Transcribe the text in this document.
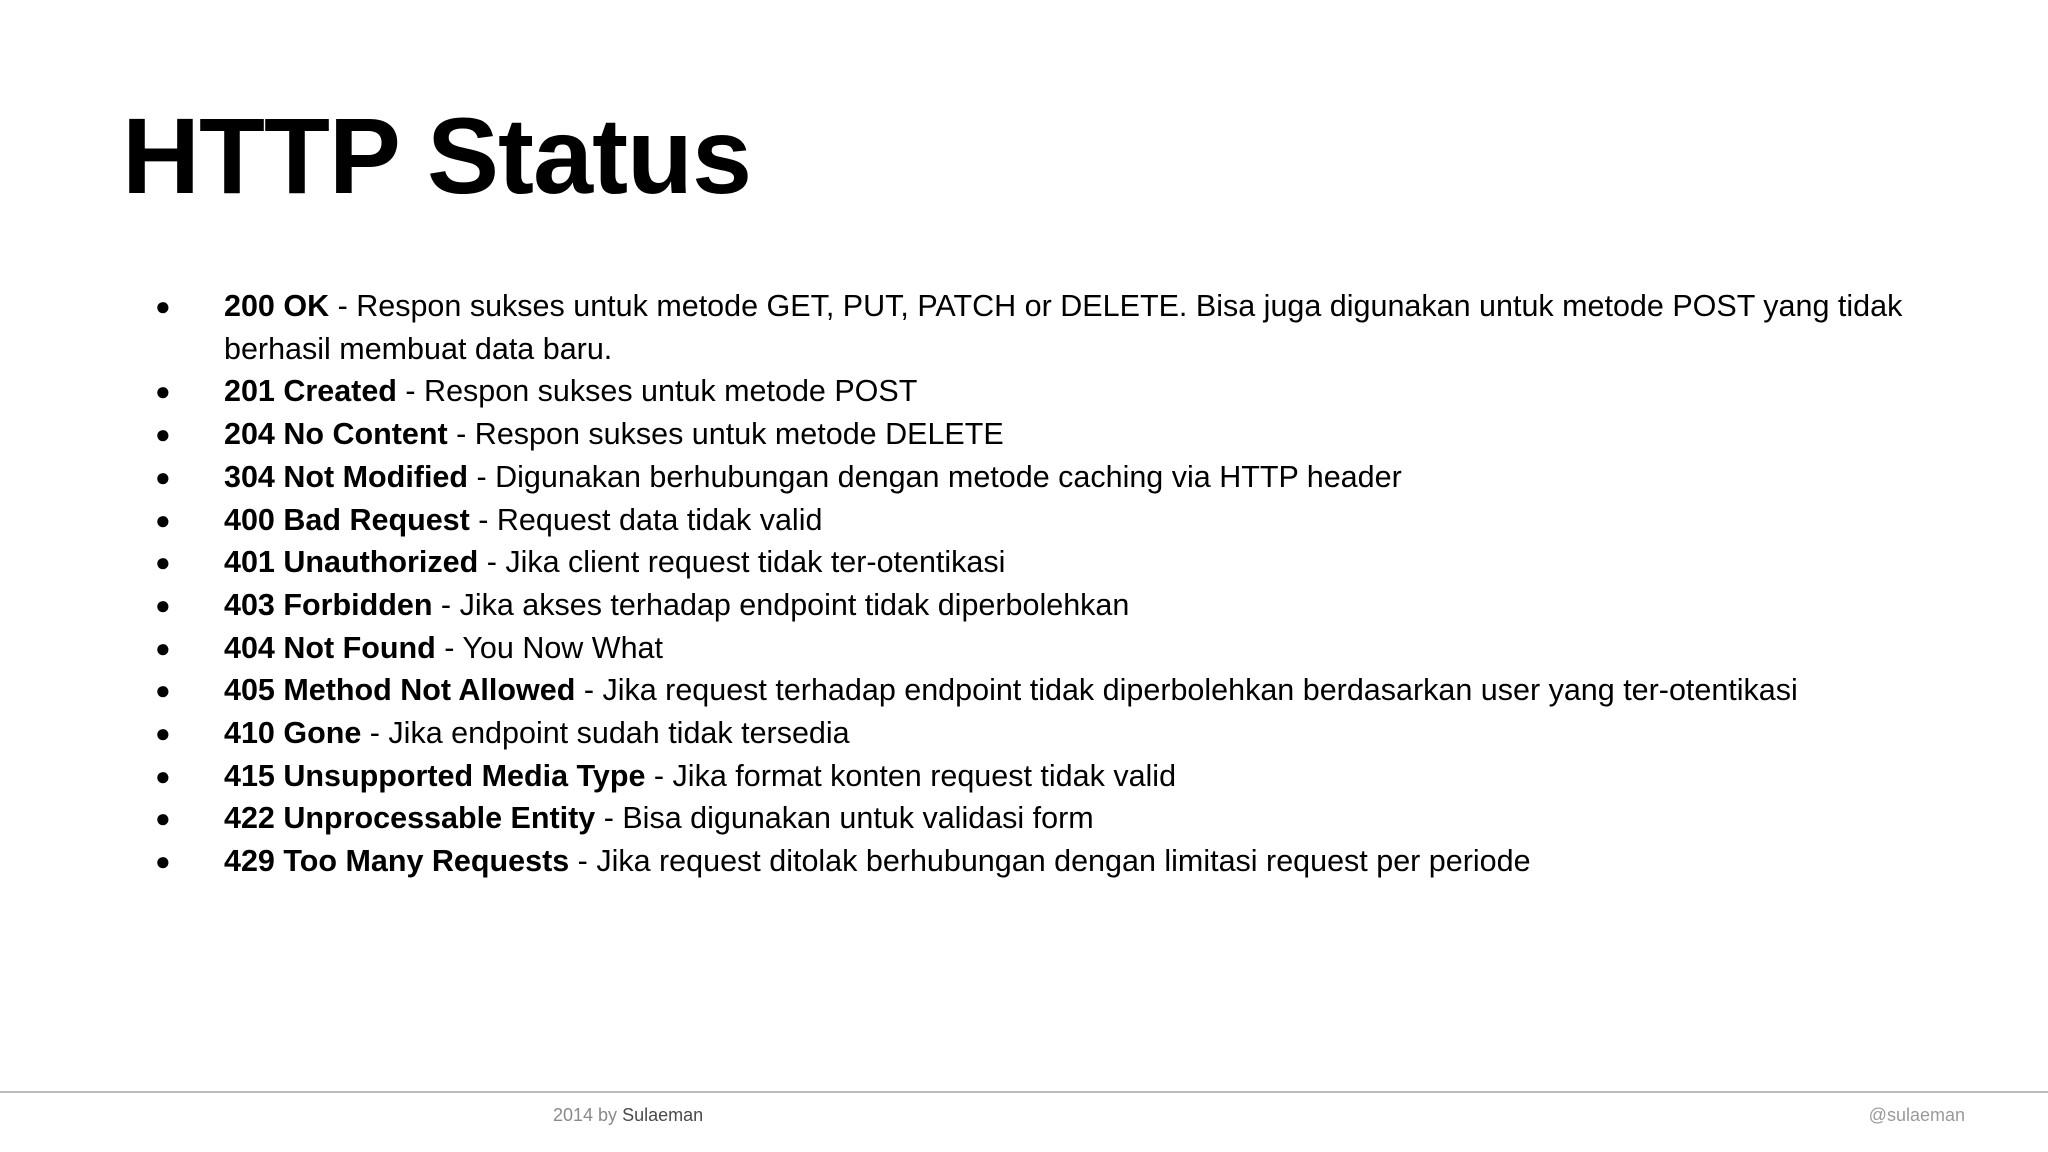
HTTP Status
● 200 OK - Respon sukses untuk metode GET, PUT, PATCH or DELETE. Bisa juga digunakan untuk metode POST yang tidak berhasil membuat data baru.
● 201 Created - Respon sukses untuk metode POST
● 204 No Content - Respon sukses untuk metode DELETE
● 304 Not Modified - Digunakan berhubungan dengan metode caching via HTTP header
● 400 Bad Request - Request data tidak valid
● 401 Unauthorized - Jika client request tidak ter-otentikasi
● 403 Forbidden - Jika akses terhadap endpoint tidak diperbolehkan
● 404 Not Found - You Now What
● 405 Method Not Allowed - Jika request terhadap endpoint tidak diperbolehkan berdasarkan user yang ter-otentikasi
● 410 Gone - Jika endpoint sudah tidak tersedia
● 415 Unsupported Media Type - Jika format konten request tidak valid
● 422 Unprocessable Entity - Bisa digunakan untuk validasi form
● 429 Too Many Requests - Jika request ditolak berhubungan dengan limitasi request per periode
2014 by Sulaeman	@sulaeman
